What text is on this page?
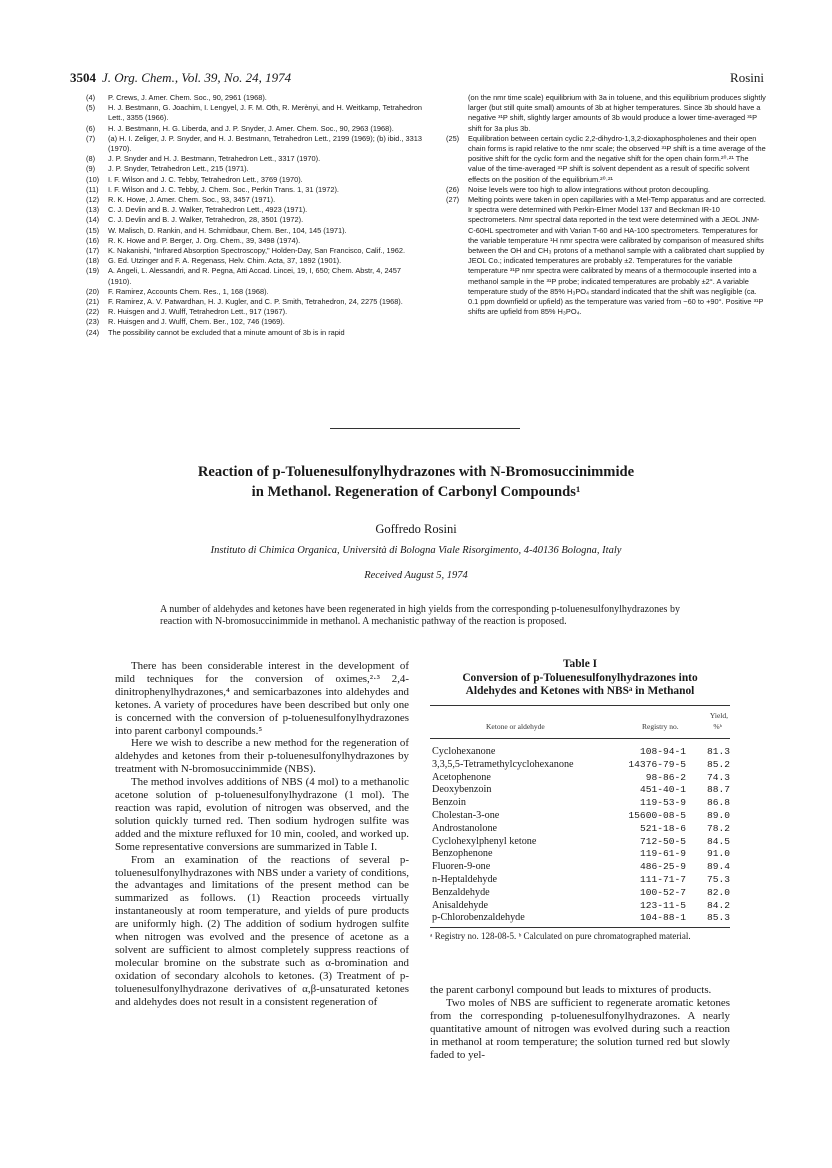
3504 J. Org. Chem., Vol. 39, No. 24, 1974	Rosini
(4) P. Crews, J. Amer. Chem. Soc., 90, 2961 (1968).
(5) H. J. Bestmann, G. Joachim, I. Lengyel, J. F. M. Oth, R. Merènyi, and H. Weitkamp, Tetrahedron Lett., 3355 (1966).
(6) H. J. Bestmann, H. G. Liberda, and J. P. Snyder, J. Amer. Chem. Soc., 90, 2963 (1968).
(7) (a) H. I. Zeliger, J. P. Snyder, and H. J. Bestmann, Tetrahedron Lett., 2199 (1969); (b) ibid., 3313 (1970).
(8) J. P. Snyder and H. J. Bestmann, Tetrahedron Lett., 3317 (1970).
(9) J. P. Snyder, Tetrahedron Lett., 215 (1971).
(10) I. F. Wilson and J. C. Tebby, Tetrahedron Lett., 3769 (1970).
(11) I. F. Wilson and J. C. Tebby, J. Chem. Soc., Perkin Trans. 1, 31 (1972).
(12) R. K. Howe, J. Amer. Chem. Soc., 93, 3457 (1971).
(13) C. J. Devlin and B. J. Walker, Tetrahedron Lett., 4923 (1971).
(14) C. J. Devlin and B. J. Walker, Tetrahedron, 28, 3501 (1972).
(15) W. Malisch, D. Rankin, and H. Schmidbaur, Chem. Ber., 104, 145 (1971).
(16) R. K. Howe and P. Berger, J. Org. Chem., 39, 3498 (1974).
(17) K. Nakanishi, "Infrared Absorption Spectroscopy," Holden-Day, San Francisco, Calif., 1962.
(18) G. Ed. Utzinger and F. A. Regenass, Helv. Chim. Acta, 37, 1892 (1901).
(19) A. Angeli, L. Alessandri, and R. Pegna, Atti Accad. Lincei, 19, I, 650; Chem. Abstr, 4, 2457 (1910).
(20) F. Ramirez, Accounts Chem. Res., 1, 168 (1968).
(21) F. Ramirez, A. V. Patwardhan, H. J. Kugler, and C. P. Smith, Tetrahedron, 24, 2275 (1968).
(22) R. Huisgen and J. Wulff, Tetrahedron Lett., 917 (1967).
(23) R. Huisgen and J. Wulff, Chem. Ber., 102, 746 (1969).
(24) The possibility cannot be excluded that a minute amount of 3b is in rapid
(on the nmr time scale) equilibrium with 3a in toluene, and this equilibrium produces slightly larger (but still quite small) amounts of 3b at higher temperatures. Since 3b should have a negative ³¹P shift, slightly larger amounts of 3b would produce a lower time-averaged ³¹P shift for 3a plus 3b.
(25) Equilibration between certain cyclic 2,2-dihydro-1,3,2-dioxaphospholenes and their open chain forms is rapid relative to the nmr scale; the observed ³¹P shift is a time average of the positive shift for the cyclic form and the negative shift for the open chain form.²⁰·²¹ The value of the time-averaged ³¹P shift is solvent dependent as a result of specific solvent effects on the position of the equilibrium.²⁰·²¹
(26) Noise levels were too high to allow integrations without proton decoupling.
(27) Melting points were taken in open capillaries with a Mel-Temp apparatus and are corrected. Ir spectra were determined with Perkin-Elmer Model 137 and Beckman IR-10 spectrometers. Nmr spectral data reported in the text were determined with a JEOL JNM-C-60HL spectrometer and with Varian T-60 and HA-100 spectrometers. Temperatures for the variable temperature ¹H nmr spectra were calibrated by comparison of measured shifts between the OH and CH₃ protons of a methanol sample with a calibrated chart supplied by JEOL Co.; indicated temperatures are probably ±2. Temperatures for the variable temperature ³¹P nmr spectra were calibrated by means of a thermocouple inserted into a methanol sample in the ³¹P probe; indicated temperatures are probably ±2°. A variable temperature study of the 85% H₃PO₄ standard indicated that the shift was negligible (ca. 0.1 ppm downfield or upfield) as the temperature was varied from −60 to +90°. Positive ³¹P shifts are upfield from 85% H₃PO₄.
Reaction of p-Toluenesulfonylhydrazones with N-Bromosuccinimmide
in Methanol. Regeneration of Carbonyl Compounds¹
Goffredo Rosini
Instituto di Chimica Organica, Università di Bologna Viale Risorgimento, 4-40136 Bologna, Italy
Received August 5, 1974
A number of aldehydes and ketones have been regenerated in high yields from the corresponding p-toluenesulfonylhydrazones by reaction with N-bromosuccinimmide in methanol. A mechanistic pathway of the reaction is proposed.

There has been considerable interest in the development of mild techniques for the conversion of oximes,²·³ 2,4-dinitrophenylhydrazones,⁴ and semicarbazones into aldehydes and ketones. A variety of procedures have been described but only one is concerned with the conversion of p-toluenesulfonylhydrazones into parent carbonyl compounds.⁵

Here we wish to describe a new method for the regeneration of aldehydes and ketones from their p-toluenesulfonylhydrazones by treatment with N-bromosuccinimmide (NBS).

The method involves additions of NBS (4 mol) to a methanolic acetone solution of p-toluenesulfonylhydrazone (1 mol). The reaction was rapid, evolution of nitrogen was observed, and the solution quickly turned red. Then sodium hydrogen sulfite was added and the mixture refluxed for 10 min, cooled, and worked up. Some representative conversions are summarized in Table I.

From an examination of the reactions of several p-toluenesulfonylhydrazones with NBS under a variety of conditions, the advantages and limitations of the present method can be summarized as follows. (1) Reaction proceeds virtually instantaneously at room temperature, and yields of pure products are uniformly high. (2) The addition of sodium hydrogen sulfite when nitrogen was evolved and the presence of acetone as a solvent are sufficient to almost completely suppress reactions of molecular bromine on the substrate such as α-bromination and oxidation of secondary alcohols to ketones. (3) Treatment of p-toluenesulfonylhydrazone derivatives of α,β-unsaturated ketones and aldehydes does not result in a consistent regeneration of

Table I
Conversion of p-Toluenesulfonylhydrazones into
Aldehydes and Ketones with NBSᵃ in Methanol
Ketone or aldehyde	Registry no.
Yield,
%ᵇ
Cyclohexanone	108-94-1 81.3
3,3,5,5-Tetramethylcyclohexanone	14376-79-5 85.2
Acetophenone	98-86-2 74.3
Deoxybenzoin	451-40-1 88.7
Benzoin	119-53-9 86.8
Cholestan-3-one	15600-08-5 89.0
Androstanolone	521-18-6 78.2
Cyclohexylphenyl ketone	712-50-5 84.5
Benzophenone	119-61-9 91.0
Fluoren-9-one	486-25-9 89.4
n-Heptaldehyde	111-71-7 75.3
Benzaldehyde	100-52-7 82.0
Anisaldehyde	123-11-5 84.2
p-Chlorobenzaldehyde	104-88-1 85.3
ᵃ Registry no. 128-08-5. ᵇ Calculated on pure chromatographed material.

the parent carbonyl compound but leads to mixtures of products.

Two moles of NBS are sufficient to regenerate aromatic ketones from the corresponding p-toluenesulfonylhydrazones. A nearly quantitative amount of nitrogen was evolved during such a reaction in methanol at room temperature; the solution turned red but slowly faded to yel-
